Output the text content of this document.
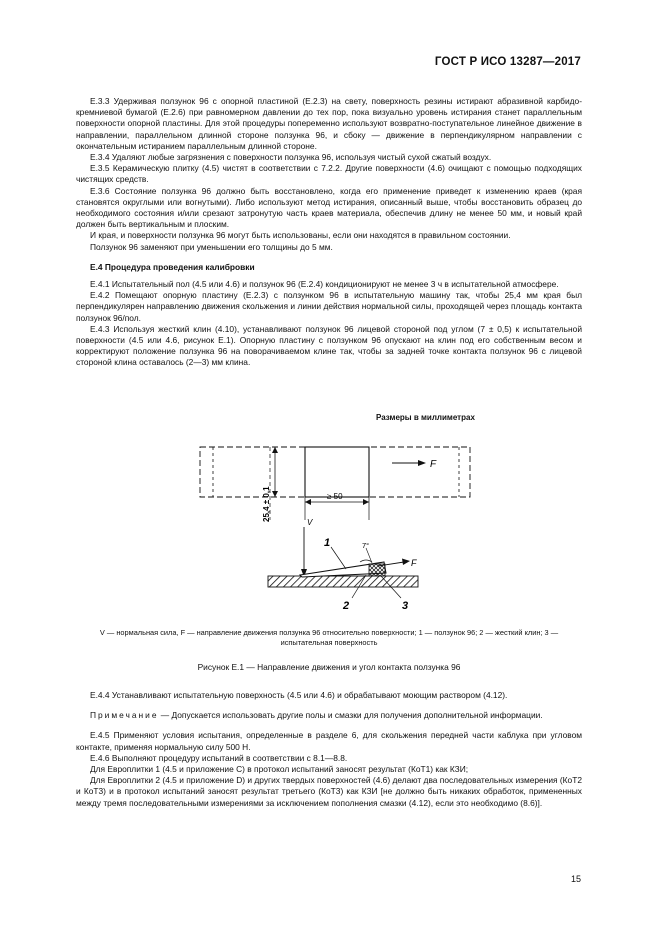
ГОСТ Р ИСО 13287—2017

Е.3.3 Удерживая ползунок 96 с опорной пластиной (Е.2.3) на свету, поверхность резины истирают абразивной карбидо-кремниевой бумагой (Е.2.6) при равномерном давлении до тех пор, пока визуально уровень истирания станет параллельным поверхности опорной пластины. Для этой процедуры попеременно используют возвратно-поступательное линейное движение в направлении, параллельном длинной стороне ползунка 96, и сбоку — движение в перпендикулярном направлении с окончательным истиранием параллельным длинной стороне.

Е.3.4 Удаляют любые загрязнения с поверхности ползунка 96, используя чистый сухой сжатый воздух.

Е.3.5 Керамическую плитку (4.5) чистят в соответствии с 7.2.2. Другие поверхности (4.6) очищают с помощью подходящих чистящих средств.

Е.3.6 Состояние ползунка 96 должно быть восстановлено, когда его применение приведет к изменению краев (края становятся округлыми или вогнутыми). Либо используют метод истирания, описанный выше, чтобы восстановить образец до необходимого состояния и/или срезают затронутую часть краев материала, обеспечив длину не менее 50 мм, и новый край должен быть вертикальным и плоским.

И края, и поверхности ползунка 96 могут быть использованы, если они находятся в правильном состоянии.

Ползунок 96 заменяют при уменьшении его толщины до 5 мм.

Е.4 Процедура проведения калибровки

Е.4.1 Испытательный пол (4.5 или 4.6) и ползунок 96 (Е.2.4) кондиционируют не менее 3 ч в испытательной атмосфере.

Е.4.2 Помещают опорную пластину (Е.2.3) с ползунком 96 в испытательную машину так, чтобы 25,4 мм края был перпендикулярен направлению движения скольжения и линии действия нормальной силы, проходящей через площадь контакта ползунок 96/пол.

Е.4.3 Используя жесткий клин (4.10), устанавливают ползунок 96 лицевой стороной под углом (7 ± 0,5) к испытательной поверхности (4.5 или 4.6, рисунок Е.1). Опорную пластину с ползунком 96 опускают на клин под его собственным весом и корректируют положение ползунка 96 на поворачиваемом клине так, чтобы за задней точке контакта ползунок 96 с лицевой стороной клина оставалось (2—3) мм клина.

Размеры в миллиметрах
F
25,4 ± 0,1	≥ 50
V
7°
F
1
2	3
V — нормальная сила, F — направление движения ползунка 96 относительно поверхности; 1 — ползунок 96; 2 — жесткий клин; 3 — испытательная поверхность
Рисунок Е.1 — Направление движения и угол контакта ползунка 96

Е.4.4 Устанавливают испытательную поверхность (4.5 или 4.6) и обрабатывают моющим раствором (4.12).

Примечание — Допускается использовать другие полы и смазки для получения дополнительной информации.

Е.4.5 Применяют условия испытания, определенные в разделе 6, для скольжения передней части каблука при угловом контакте, применяя нормальную силу 500 Н.

Е.4.6 Выполняют процедуру испытаний в соответствии с 8.1—8.8.

Для Европлитки 1 (4.5 и приложение С) в протокол испытаний заносят результат (КоТ1) как КЗИ;

Для Европлитки 2 (4.5 и приложение D) и других твердых поверхностей (4.6) делают два последовательных измерения (КоТ2 и КоТ3) и в протокол испытаний заносят результат третьего (КоТ3) как КЗИ [не должно быть никаких обработок, примененных между тремя последовательными измерениями за исключением пополнения смазки (4.12), если это необходимо (8.6)].

15
